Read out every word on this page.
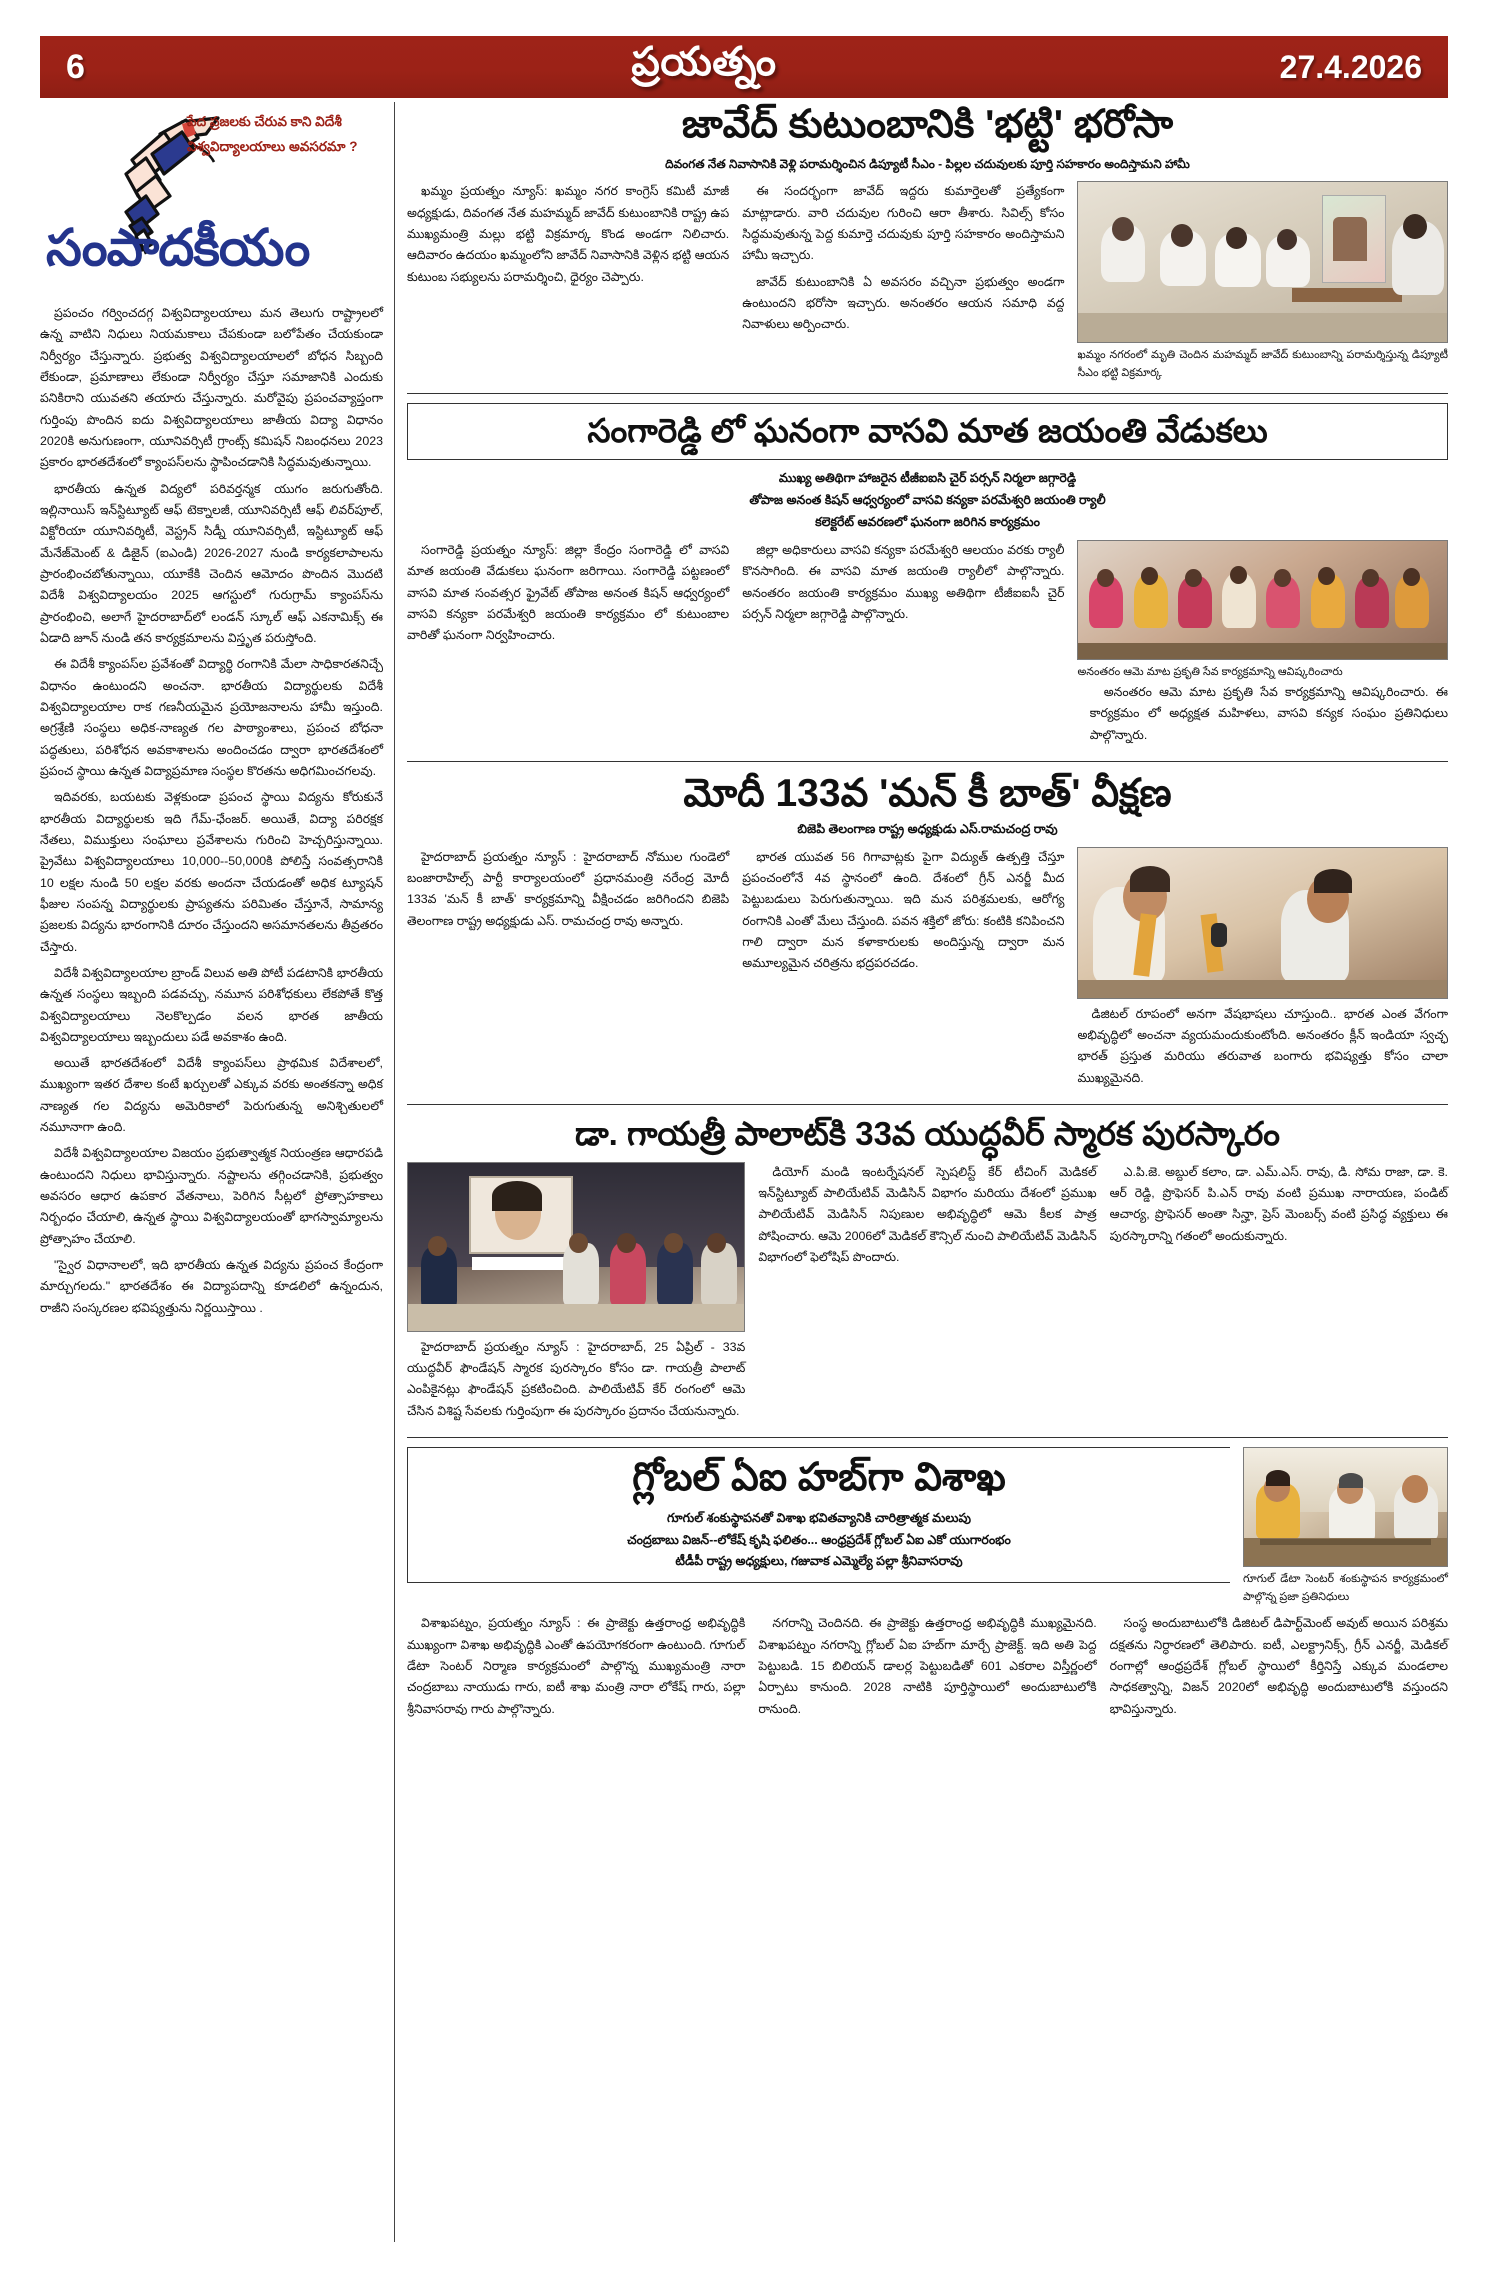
6	ప్రయత్నం	27.4.2026
పేద ప్రజలకు చేరువ కాని విదేశీ
విశ్వవిద్యాలయాలు అవసరమా ?
సంపాదకీయం

ప్రపంచం గర్వించదగ్గ విశ్వవిద్యాలయాలు మన తెలుగు రాష్ట్రాలలో ఉన్న వాటిని నిధులు నియమకాలు చేపకుండా బలోపేతం చేయకుండా నిర్వీర్యం చేస్తున్నారు. ప్రభుత్వ విశ్వవిద్యాలయాలలో బోధన సిబ్బంది లేకుండా, ప్రమాణాలు లేకుండా నిర్వీర్యం చేస్తూ సమాజానికి ఎందుకు పనికిరాని యువతని తయారు చేస్తున్నారు. మరోవైపు ప్రపంచవ్యాప్తంగా గుర్తింపు పొందిన ఐదు విశ్వవిద్యాలయాలు జాతీయ విద్యా విధానం 2020కి అనుగుణంగా, యూనివర్సిటీ గ్రాంట్స్ కమిషన్ నిబంధనలు 2023 ప్రకారం భారతదేశంలో క్యాంపస్‌లను స్థాపించడానికి సిద్ధమవుతున్నాయి.

భారతీయ ఉన్నత విద్యలో పరివర్తన్మక యుగం జరుగుతోంది. ఇల్లినాయిస్ ఇన్‌స్టిట్యూట్ ఆఫ్ టెక్నాలజీ, యూనివర్సిటీ ఆఫ్ లివర్‌పూల్, విక్టోరియా యూనివర్శిటీ, వెస్ట్రన్ సిడ్నీ యూనివర్సిటీ, ఇస్టిట్యూట్ ఆఫ్ మేనేజ్‌మెంట్ & డిజైన్ (ఐఎండి) 2026-2027 నుండి కార్యకలాపాలను ప్రారంభించబోతున్నాయి, యూకేకి చెందిన ఆమోదం పొందిన మొదటి విదేశీ విశ్వవిద్యాలయం 2025 ఆగస్టులో గురుగ్రామ్ క్యాంపస్‌ను ప్రారంభించి, అలాగే హైదరాబాద్‌లో లండన్ స్కూల్ ఆఫ్ ఎకనామిక్స్ ఈ ఏడాది జూన్ నుండి తన కార్యక్రమాలను విస్తృత పరుస్తోంది.

ఈ విదేశీ క్యాంపస్‌ల ప్రవేశంతో విద్యార్థి రంగానికి మేలా సాధికారతనిచ్చే విధానం ఉంటుందని అంచనా. భారతీయ విద్యార్థులకు విదేశీ విశ్వవిద్యాలయాల రాక గణనీయమైన ప్రయోజనాలను హామీ ఇస్తుంది. అగ్రశ్రేణి సంస్థలు అధిక-నాణ్యత గల పాఠ్యాంశాలు, ప్రపంచ బోధనా పద్ధతులు, పరిశోధన అవకాశాలను అందించడం ద్వారా భారతదేశంలో ప్రపంచ స్థాయి ఉన్నత విద్యాప్రమాణ సంస్థల కొరతను అధిగమించగలవు.

ఇదివరకు, బయటకు వెళ్లకుండా ప్రపంచ స్థాయి విద్యను కోరుకునే భారతీయ విద్యార్థులకు ఇది గేమ్-ఛేంజర్. అయితే, విద్యా పరిరక్షక నేతలు, విముక్తులు సంఘాలు ప్రవేశాలను గురించి హెచ్చరిస్తున్నాయి. ప్రైవేటు విశ్వవిద్యాలయాలు 10,000--50,000కి పోలిస్తే సంవత్సరానికి 10 లక్షల నుండి 50 లక్షల వరకు అందనా చేయడంతో అధిక ట్యూషన్ ఫీజుల సంపన్న విద్యార్థులకు ప్రాప్యతను పరిమితం చేస్తూనే, సామాన్య ప్రజలకు విద్యను భారంగానికి దూరం చేస్తుందని అసమానతలను తీవ్రతరం చేస్తారు.

విదేశీ విశ్వవిద్యాలయాల బ్రాండ్ విలువ అతి పోటీ పడటానికి భారతీయ ఉన్నత సంస్థలు ఇబ్బంది పడవచ్చు, నమూన పరిశోధకులు లేకపోతే కొత్త విశ్వవిద్యాలయాలు నెలకొల్పడం వలన భారత జాతీయ విశ్వవిద్యాలయాలు ఇబ్బందులు పడే అవకాశం ఉంది.

అయితే భారతదేశంలో విదేశీ క్యాంపస్‌లు ప్రాథమిక విదేశాలలో, ముఖ్యంగా ఇతర దేశాల కంటే ఖర్చులతో ఎక్కువ వరకు అంతకన్నా అధిక నాణ్యత గల విద్యను అమెరికాలో పెరుగుతున్న అనిశ్చితులలో నమూనాగా ఉంది.

విదేశీ విశ్వవిద్యాలయాల విజయం ప్రభుత్వాత్మక నియంత్రణ ఆధారపడి ఉంటుందని నిధులు భావిస్తున్నారు. నష్టాలను తగ్గించడానికి, ప్రభుత్వం అవసరం ఆధార ఉపకార వేతనాలు, పెరిగిన సీట్లలో ప్రోత్సాహకాలు నిర్బంధం చేయాలి, ఉన్నత స్థాయి విశ్వవిద్యాలయంతో భాగస్వామ్యాలను ప్రోత్సాహం చేయాలి.

"స్వైర విధానాలలో, ఇది భారతీయ ఉన్నత విద్యను ప్రపంచ కేంద్రంగా మార్చుగలదు." భారతదేశం ఈ విద్యాపదాన్ని కూడలిలో ఉన్నందున, రాజీని సంస్కరణల భవిష్యత్తును నిర్ణయిస్తాయి .

జావేద్ కుటుంబానికి 'భట్టి' భరోసా
దివంగత నేత నివాసానికి వెళ్లి పరామర్శించిన డిప్యూటీ సీఎం - పిల్లల చదువులకు పూర్తి సహకారం అందిస్తామని హామీ

ఖమ్మం ప్రయత్నం న్యూస్: ఖమ్మం నగర కాంగ్రెస్ కమిటీ మాజీ అధ్యక్షుడు, దివంగత నేత మహమ్మద్ జావేద్ కుటుంబానికి రాష్ట్ర ఉప ముఖ్యమంత్రి మల్లు భట్టి విక్రమార్క కొండ అండగా నిలిచారు. ఆదివారం ఉదయం ఖమ్మంలోని జావేద్ నివాసానికి వెళ్లిన భట్టి ఆయన కుటుంబ సభ్యులను పరామర్శించి, ధైర్యం చెప్పారు.

ఈ సందర్భంగా జావేద్ ఇద్దరు కుమార్తెలతో ప్రత్యేకంగా మాట్లాడారు. వారి చదువుల గురించి ఆరా తీశారు. సివిల్స్ కోసం సిద్ధమవుతున్న పెద్ద కుమార్తె చదువుకు పూర్తి సహకారం అందిస్తామని హామీ ఇచ్చారు.

జావేద్ కుటుంబానికి ఏ అవసరం వచ్చినా ప్రభుత్వం అండగా ఉంటుందని భరోసా ఇచ్చారు. అనంతరం ఆయన సమాధి వద్ద నివాళులు అర్పించారు.

ఖమ్మం నగరంలో మృతి చెందిన మహమ్మద్ జావేద్ కుటుంబాన్ని పరామర్శిస్తున్న డిప్యూటీ సీఎం భట్టి విక్రమార్క
సంగారెడ్డి లో ఘనంగా వాసవి మాత జయంతి వేడుకలు
ముఖ్య అతిథిగా హాజరైన టీజీఐఐసి చైర్ పర్సన్ నిర్మలా జగ్గారెడ్డి
తోపాజ అనంత కిషన్ ఆధ్వర్యంలో వాసవి కన్యకా పరమేశ్వరి జయంతి ర్యాలీ
కలెక్టరేట్ ఆవరణలో ఘనంగా జరిగిన కార్యక్రమం

సంగారెడ్డి ప్రయత్నం న్యూస్: జిల్లా కేంద్రం సంగారెడ్డి లో వాసవి మాత జయంతి వేడుకలు ఘనంగా జరిగాయి. సంగారెడ్డి పట్టణంలో వాసవి మాత సంవత్సర ఫ్రైవేట్ తోపాజ అనంత కిషన్ ఆధ్వర్యంలో వాసవి కన్యకా పరమేశ్వరి జయంతి కార్యక్రమం లో కుటుంబాల వారితో ఘనంగా నిర్వహించారు.

జిల్లా అధికారులు వాసవి కన్యకా పరమేశ్వరి ఆలయం వరకు ర్యాలీ కొనసాగింది. ఈ వాసవి మాత జయంతి ర్యాలీలో పాల్గొన్నారు. అనంతరం జయంతి కార్యక్రమం ముఖ్య అతిథిగా టీజీఐఐసీ చైర్ పర్సన్ నిర్మలా జగ్గారెడ్డి పాల్గొన్నారు.

అనంతరం ఆమె మాట ప్రకృతి సేవ కార్యక్రమాన్ని ఆవిష్కరించారు

అనంతరం ఆమె మాట ప్రకృతి సేవ కార్యక్రమాన్ని ఆవిష్కరించారు. ఈ కార్యక్రమం లో అధ్యక్షత మహిళలు, వాసవి కన్యక సంఘం ప్రతినిధులు పాల్గొన్నారు.

మోదీ 133వ 'మన్ కీ బాత్' వీక్షణ
బిజెపి తెలంగాణ రాష్ట్ర అధ్యక్షుడు ఎస్.రామచంద్ర రావు

హైదరాబాద్ ప్రయత్నం న్యూస్ : హైదరాబాద్ నోముల గుండెలో బంజారాహిల్స్ పార్టీ కార్యాలయంలో ప్రధానమంత్రి నరేంద్ర మోదీ 133వ 'మన్ కీ బాత్' కార్యక్రమాన్ని వీక్షించడం జరిగిందని బిజెపి తెలంగాణ రాష్ట్ర అధ్యక్షుడు ఎస్. రామచంద్ర రావు అన్నారు.

భారత యువత 56 గిగావాట్లకు పైగా విద్యుత్ ఉత్పత్తి చేస్తూ ప్రపంచంలోనే 4వ స్థానంలో ఉంది. దేశంలో గ్రీన్ ఎనర్జీ మీద పెట్టుబడులు పెరుగుతున్నాయి. ఇది మన పరిశ్రమలకు, ఆరోగ్య రంగానికి ఎంతో మేలు చేస్తుంది. పవన శక్తిలో జోరు: కంటికి కనిపించని గాలి ద్వారా మన కళాకారులకు అందిస్తున్న ద్వారా మన అమూల్యమైన చరిత్రను భద్రపరచడం.

డిజిటల్ రూపంలో అనగా వేషభాషలు చూస్తుంది.. భారత ఎంత వేగంగా అభివృద్ధిలో అంచనా వ్యయమందుకుంటోంది. అనంతరం క్లీన్ ఇండియా స్వచ్ఛ భారత్ ప్రస్తుత మరియు తరువాత బంగారు భవిష్యత్తు కోసం చాలా ముఖ్యమైనది.

డా. గాయత్రీ పాలాట్‌కి 33వ యుద్ధవీర్ స్మారక పురస్కారం

హైదరాబాద్ ప్రయత్నం న్యూస్ : హైదరాబాద్, 25 ఏప్రిల్ - 33వ యుద్ధవీర్ ఫౌండేషన్ స్మారక పురస్కారం కోసం డా. గాయత్రీ పాలాట్ ఎంపికైనట్లు ఫౌండేషన్ ప్రకటించింది. పాలియేటివ్ కేర్ రంగంలో ఆమె చేసిన విశిష్ట సేవలకు గుర్తింపుగా ఈ పురస్కారం ప్రదానం చేయనున్నారు.

డియోగ్ మండి ఇంటర్నేషనల్ స్పెషలిస్ట్ కేర్ టీచింగ్ మెడికల్ ఇన్‌స్టిట్యూట్ పాలియేటివ్ మెడిసిన్ విభాగం మరియు దేశంలో ప్రముఖ పాలియేటివ్ మెడిసిన్ నిపుణుల అభివృద్ధిలో ఆమె కీలక పాత్ర పోషించారు. ఆమె 2006లో మెడికల్ కౌన్సిల్ నుంచి పాలియేటివ్ మెడిసిన్ విభాగంలో ఫెలోషిప్ పొందారు.

ఎ.పి.జె. అబ్దుల్ కలాం, డా. ఎమ్.ఎస్. రావు, డి. సోమ రాజా, డా. కె. ఆర్ రెడ్డి, ప్రొఫెసర్ పి.ఎన్ రావు వంటి ప్రముఖ నారాయణ, పండిట్ ఆచార్య, ప్రొఫెసర్ అంతా సిన్హా, ప్రెస్ మెంబర్స్ వంటి ప్రసిద్ధ వ్యక్తులు ఈ పురస్కారాన్ని గతంలో అందుకున్నారు.

గ్లోబల్ ఏఐ హబ్‌గా విశాఖ
గూగుల్ శంకుస్థాపనతో విశాఖ భవితవ్యానికి చారిత్రాత్మక మలుపు
చంద్రబాబు విజన్--లోకేష్ కృషి ఫలితం... ఆంధ్రప్రదేశ్ గ్లోబల్ ఏఐ ఎకో యుగారంభం
టీడీపీ రాష్ట్ర అధ్యక్షులు, గజువాక ఎమ్మెల్యే పల్లా శ్రీనివాసరావు
గూగుల్ డేటా సెంటర్ శంకుస్థాపన కార్యక్రమంలో పాల్గొన్న ప్రజా ప్రతినిధులు

విశాఖపట్నం, ప్రయత్నం న్యూస్ : ఈ ప్రాజెక్టు ఉత్తరాంధ్ర అభివృద్ధికి ముఖ్యంగా విశాఖ అభివృద్ధికి ఎంతో ఉపయోగకరంగా ఉంటుంది. గూగుల్ డేటా సెంటర్ నిర్మాణ కార్యక్రమంలో పాల్గొన్న ముఖ్యమంత్రి నారా చంద్రబాబు నాయుడు గారు, ఐటీ శాఖ మంత్రి నారా లోకేష్ గారు, పల్లా శ్రీనివాసరావు గారు పాల్గొన్నారు.

నగరాన్ని చెందినది. ఈ ప్రాజెక్టు ఉత్తరాంధ్ర అభివృద్ధికి ముఖ్యమైనది. విశాఖపట్నం నగరాన్ని గ్లోబల్ ఏఐ హబ్‌గా మార్చే ప్రాజెక్ట్. ఇది అతి పెద్ద పెట్టుబడి. 15 బిలియన్ డాలర్ల పెట్టుబడితో 601 ఎకరాల విస్తీర్ణంలో ఏర్పాటు కానుంది. 2028 నాటికి పూర్తిస్థాయిలో అందుబాటులోకి రానుంది.

సంస్థ అందుబాటులోకి డిజిటల్ డిపార్ట్‌మెంట్ అవుట్ అయిన పరిశ్రమ దక్షతను నిర్ధారణలో తెలిపారు. ఐటీ, ఎలక్ట్రానిక్స్, గ్రీన్ ఎనర్జీ, మెడికల్ రంగాల్లో ఆంధ్రప్రదేశ్ గ్లోబల్ స్థాయిలో కీర్తినిస్తే ఎక్కువ మండలాల సాధకత్వాన్ని, విజన్ 2020లో అభివృద్ధి అందుబాటులోకి వస్తుందని భావిస్తున్నారు.
